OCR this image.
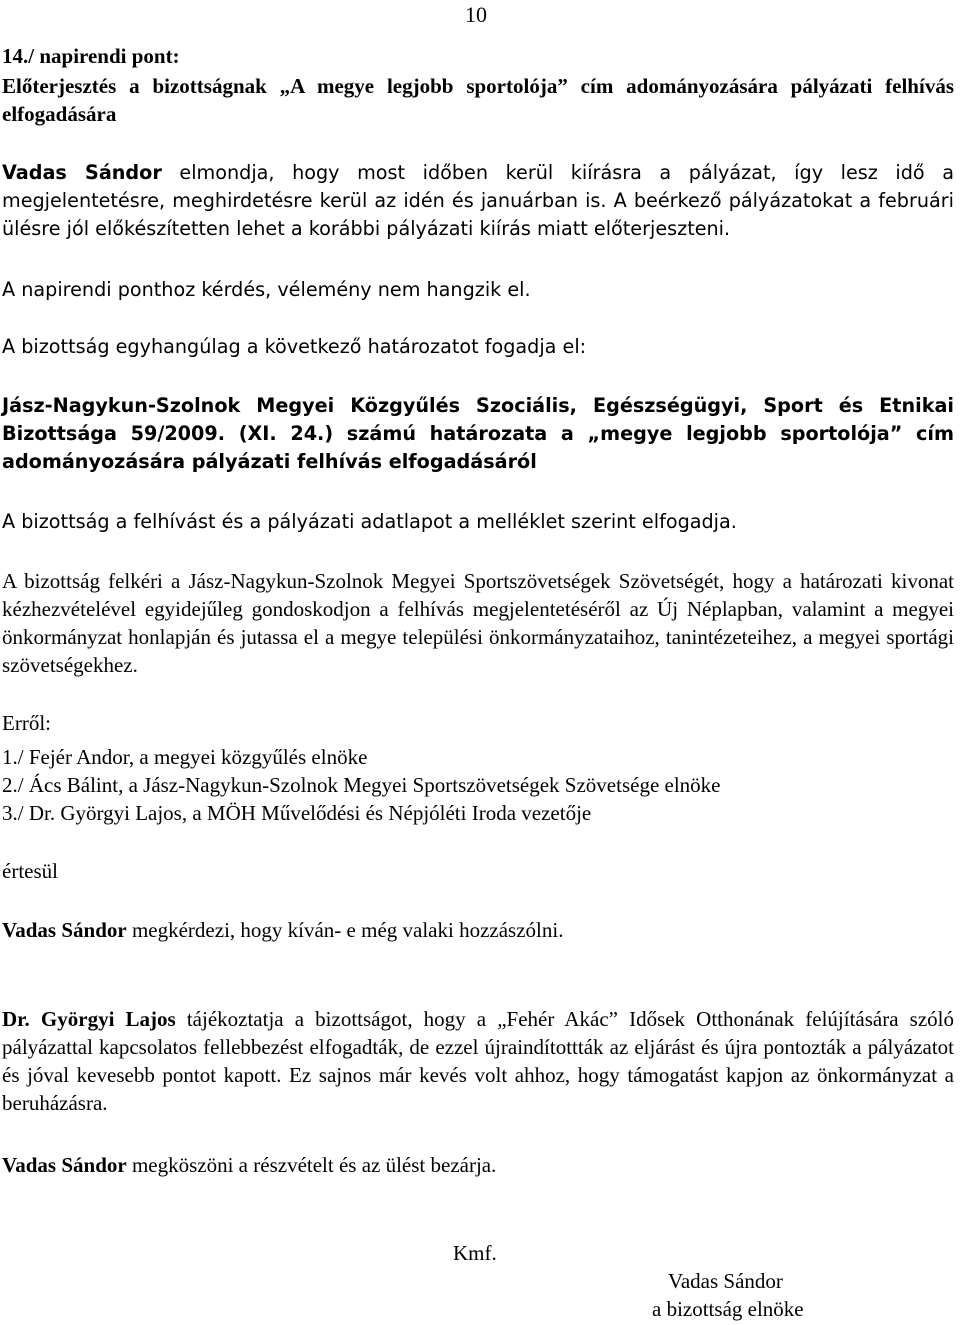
10

14./ napirendi pont:

Előterjesztés a bizottságnak „A megye legjobb sportolója” cím adományozására pályázati felhívás elfogadására

Vadas Sándor elmondja, hogy most időben kerül kiírásra a pályázat, így lesz idő a megjelentetésre, meghirdetésre kerül az idén és januárban is. A beérkező pályázatokat a februári ülésre jól előkészítetten lehet a korábbi pályázati kiírás miatt előterjeszteni.

A napirendi ponthoz kérdés, vélemény nem hangzik el.

A bizottság egyhangúlag a következő határozatot fogadja el:

Jász-Nagykun-Szolnok Megyei Közgyűlés Szociális, Egészségügyi, Sport és Etnikai
Bizottsága 59/2009. (XI. 24.) számú határozata a „megye legjobb sportolója” cím
adományozására pályázati felhívás elfogadásáról

A bizottság a felhívást és a pályázati adatlapot a melléklet szerint elfogadja.

A bizottság felkéri a Jász-Nagykun-Szolnok Megyei Sportszövetségek Szövetségét, hogy a határozati kivonat kézhezvételével egyidejűleg gondoskodjon a felhívás megjelentetéséről az Új Néplapban, valamint a megyei önkormányzat honlapján és jutassa el a megye települési önkormányzataihoz, tanintézeteihez, a megyei sportági szövetségekhez.

Erről:

1./ Fejér Andor, a megyei közgyűlés elnöke

2./ Ács Bálint, a Jász-Nagykun-Szolnok Megyei Sportszövetségek Szövetsége elnöke

3./ Dr. Györgyi Lajos, a MÖH Művelődési és Népjóléti Iroda vezetője

értesül

Vadas Sándor megkérdezi, hogy kíván- e még valaki hozzászólni.

Dr. Györgyi Lajos tájékoztatja a bizottságot, hogy a „Fehér Akác” Idősek Otthonának felújítására szóló pályázattal kapcsolatos fellebbezést elfogadták, de ezzel újraindítottták az eljárást és újra pontozták a pályázatot és jóval kevesebb pontot kapott. Ez sajnos már kevés volt ahhoz, hogy támogatást kapjon az önkormányzat a beruházásra.

Vadas Sándor megköszöni a részvételt és az ülést bezárja.

Kmf.
Vadas Sándor
a bizottság elnöke
